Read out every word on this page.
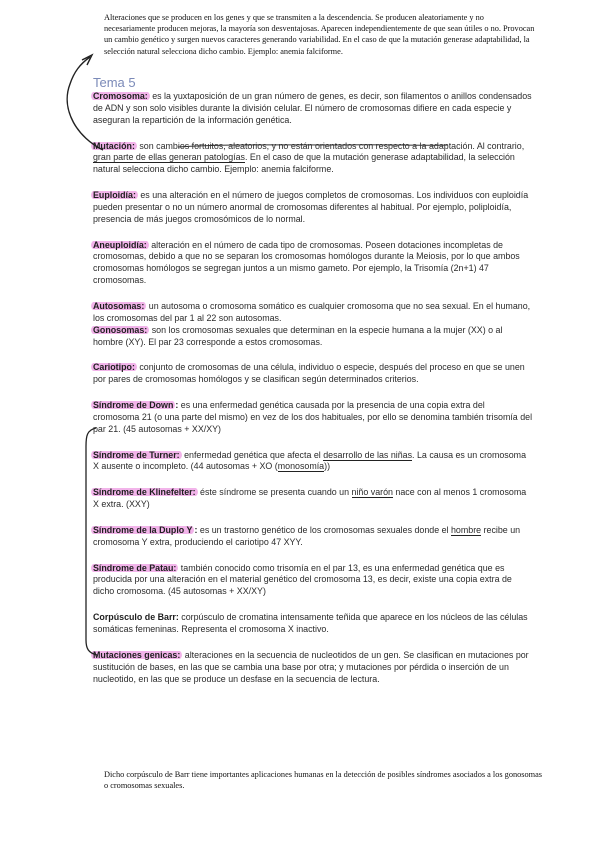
Alteraciones que se producen en los genes y que se transmiten a la descendencia. Se producen aleatoriamente y no necesariamente producen mejoras, la mayoría son desventajosas. Aparecen independientemente de que sean útiles o no. Provocan un cambio genético y surgen nuevos caracteres generando variabilidad. En el caso de que la mutación generase adaptabilidad, la selección natural selecciona dicho cambio. Ejemplo: anemia falciforme.
Tema 5

Cromosoma: es la yuxtaposición de un gran número de genes, es decir, son filamentos o anillos condensados de ADN y son solo visibles durante la división celular. El número de cromosomas difiere en cada especie y aseguran la repartición de la información genética.

Mutación: son cambios fortuitos, aleatorios, y no están orientados con respecto a la adaptación. Al contrario, gran parte de ellas generan patologías. En el caso de que la mutación generase adaptabilidad, la selección natural selecciona dicho cambio. Ejemplo: anemia falciforme.

Euploidía: es una alteración en el número de juegos completos de cromosomas. Los individuos con euploidía pueden presentar o no un número anormal de cromosomas diferentes al habitual. Por ejemplo, poliploidía, presencia de más juegos cromosómicos de lo normal.

Aneuploidía: alteración en el número de cada tipo de cromosomas. Poseen dotaciones incompletas de cromosomas, debido a que no se separan los cromosomas homólogos durante la Meiosis, por lo que ambos cromosomas homólogos se segregan juntos a un mismo gameto. Por ejemplo, la Trisomía (2n+1) 47 cromosomas.

Autosomas: un autosoma o cromosoma somático es cualquier cromosoma que no sea sexual. En el humano, los cromosomas del par 1 al 22 son autosomas.

Gonosomas: son los cromosomas sexuales que determinan en la especie humana a la mujer (XX) o al hombre (XY). El par 23 corresponde a estos cromosomas.

Cariotipo: conjunto de cromosomas de una célula, individuo o especie, después del proceso en que se unen por pares de cromosomas homólogos y se clasifican según determinados criterios.

Síndrome de Down : es una enfermedad genética causada por la presencia de una copia extra del cromosoma 21 (o una parte del mismo) en vez de los dos habituales, por ello se denomina también trisomía del par 21. (45 autosomas + XX/XY)

Síndrome de Turner: enfermedad genética que afecta el desarrollo de las niñas. La causa es un cromosoma X ausente o incompleto. (44 autosomas + XO (monosomía))

Síndrome de Klinefelter: éste síndrome se presenta cuando un niño varón nace con al menos 1 cromosoma X extra. (XXY)

Síndrome de la Duplo Y : es un trastorno genético de los cromosomas sexuales donde el hombre recibe un cromosoma Y extra, produciendo el cariotipo 47 XYY.

Síndrome de Patau: también conocido como trisomía en el par 13, es una enfermedad genética que es producida por una alteración en el material genético del cromosoma 13, es decir, existe una copia extra de dicho cromosoma. (45 autosomas + XX/XY)

Corpúsculo de Barr: corpúsculo de cromatina intensamente teñida que aparece en los núcleos de las células somáticas femeninas. Representa el cromosoma X inactivo.

Mutaciones genicas: alteraciones en la secuencia de nucleotidos de un gen. Se clasifican en mutaciones por sustitución de bases, en las que se cambia una base por otra; y mutaciones por pérdida o inserción de un nucleotido, en las que se produce un desfase en la secuencia de lectura.

Dicho corpúsculo de Barr tiene importantes aplicaciones humanas en la detección de posibles síndromes asociados a los gonosomas o cromosomas sexuales.
